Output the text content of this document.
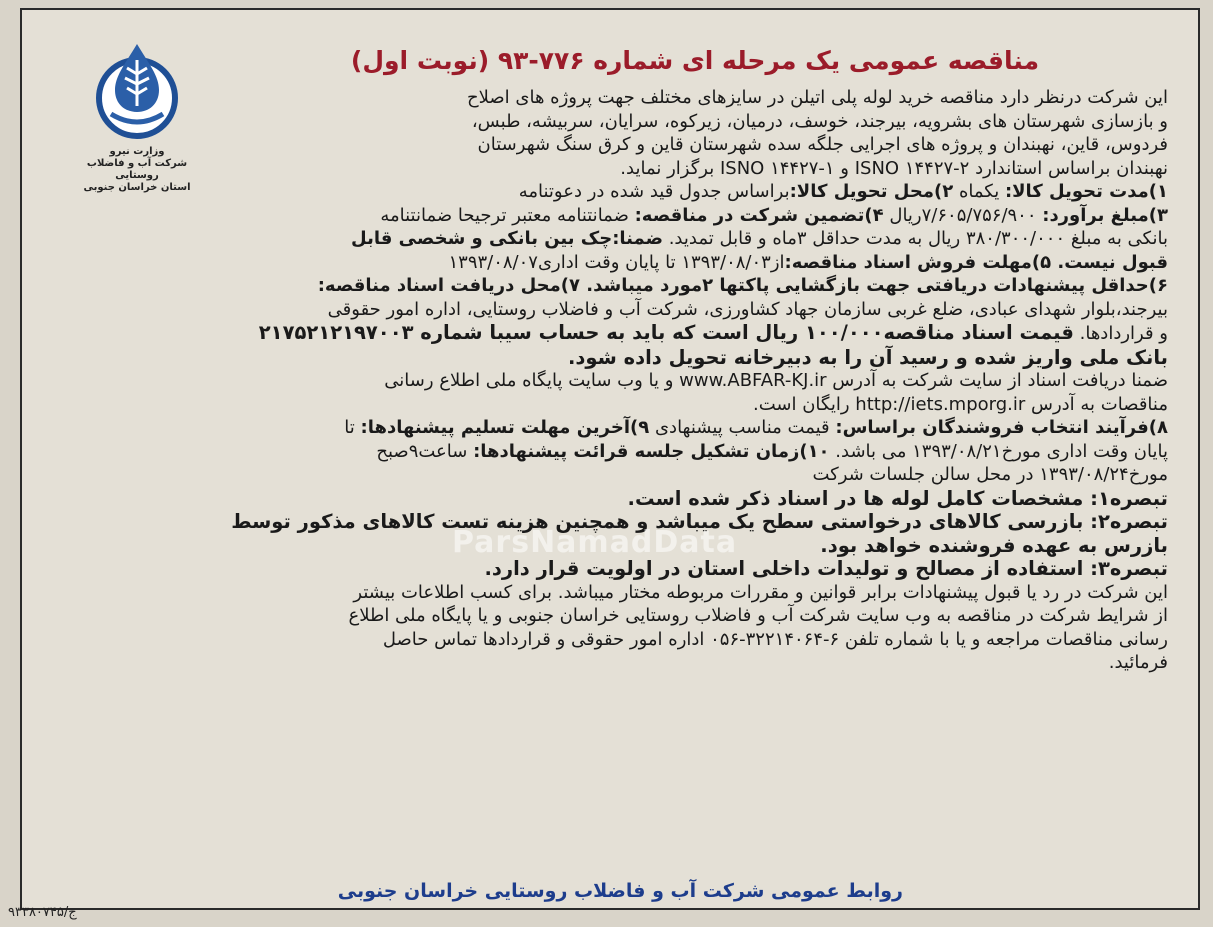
وزارت نیرو
شرکت آب و فاضلاب روستایی
استان خراسان جنوبی
مناقصه عمومی یک مرحله ای شماره ۷۷۶-۹۳ (نوبت اول)

این شرکت درنظر دارد مناقصه خرید لوله پلی اتیلن در سایزهای مختلف جهت پروژه های اصلاح

و بازسازی شهرستان های بشرویه، بیرجند، خوسف، درمیان، زیرکوه، سرایان، سربیشه، طبس،

فردوس، قاین، نهبندان و پروژه های اجرایی جلگه سده شهرستان قاین و کرق سنگ شهرستان

نهبندان براساس استاندارد ۲-۱۴۴۲۷ ISNO و ۱-۱۴۴۲۷ ISNO برگزار نماید.

۱)مدت تحویل کالا: یکماه ۲)محل تحویل کالا:براساس جدول قید شده در دعوتنامه

۳)مبلغ برآورد: ۷/۶۰۵/۷۵۶/۹۰۰ریال ۴)تضمین شرکت در مناقصه: ضمانتنامه معتبر ترجیحا ضمانتنامه

بانکی به مبلغ ۳۸۰/۳۰۰/۰۰۰ ریال به مدت حداقل ۳ماه و قابل تمدید. ضمنا:چک بین بانکی و شخصی قابل

قبول نیست. ۵)مهلت فروش اسناد مناقصه:از۱۳۹۳/۰۸/۰۳ تا پایان وقت اداری۱۳۹۳/۰۸/۰۷

۶)حداقل پیشنهادات دریافتی جهت بازگشایی پاکتها ۲مورد میباشد. ۷)محل دریافت اسناد مناقصه:

بیرجند،بلوار شهدای عبادی، ضلع غربی سازمان جهاد کشاورزی، شرکت آب و فاضلاب روستایی، اداره امور حقوقی

و قراردادها. قیمت اسناد مناقصه۱۰۰/۰۰۰ ریال است که باید به حساب سیبا شماره ۲۱۷۵۲۱۲۱۹۷۰۰۳

بانک ملی واریز شده و رسید آن را به دبیرخانه تحویل داده شود.

ضمنا دریافت اسناد از سایت شرکت به آدرس www.ABFAR-KJ.ir و یا وب سایت پایگاه ملی اطلاع رسانی

مناقصات به آدرس http://iets.mporg.ir رایگان است.

۸)فرآیند انتخاب فروشندگان براساس: قیمت مناسب پیشنهادی ۹)آخرین مهلت تسلیم پیشنهادها: تا

پایان وقت اداری مورخ۱۳۹۳/۰۸/۲۱ می باشد. ۱۰)زمان تشکیل جلسه قرائت پیشنهادها: ساعت۹صبح

مورخ۱۳۹۳/۰۸/۲۴ در محل سالن جلسات شرکت

تبصره۱: مشخصات کامل لوله ها در اسناد ذکر شده است.

تبصره۲: بازرسی کالاهای درخواستی سطح یک میباشد و همچنین هزینه تست کالاهای مذکور توسط

بازرس به عهده فروشنده خواهد بود.

تبصره۳: استفاده از مصالح و تولیدات داخلی استان در اولویت قرار دارد.

این شرکت در رد یا قبول پیشنهادات برابر قوانین و مقررات مربوطه مختار میباشد. برای کسب اطلاعات بیشتر

از شرایط شرکت در مناقصه به وب سایت شرکت آب و فاضلاب روستایی خراسان جنوبی و یا پایگاه ملی اطلاع

رسانی مناقصات مراجعه و یا با شماره تلفن ۶-۳۲۲۱۴۰۶۴-۰۵۶ اداره امور حقوقی و قراردادها تماس حاصل

فرمائید.

ParsNamadData
روابط عمومی شرکت آب و فاضلاب روستایی خراسان جنوبی
ج/۹۳۳۸۰۷۴۵
